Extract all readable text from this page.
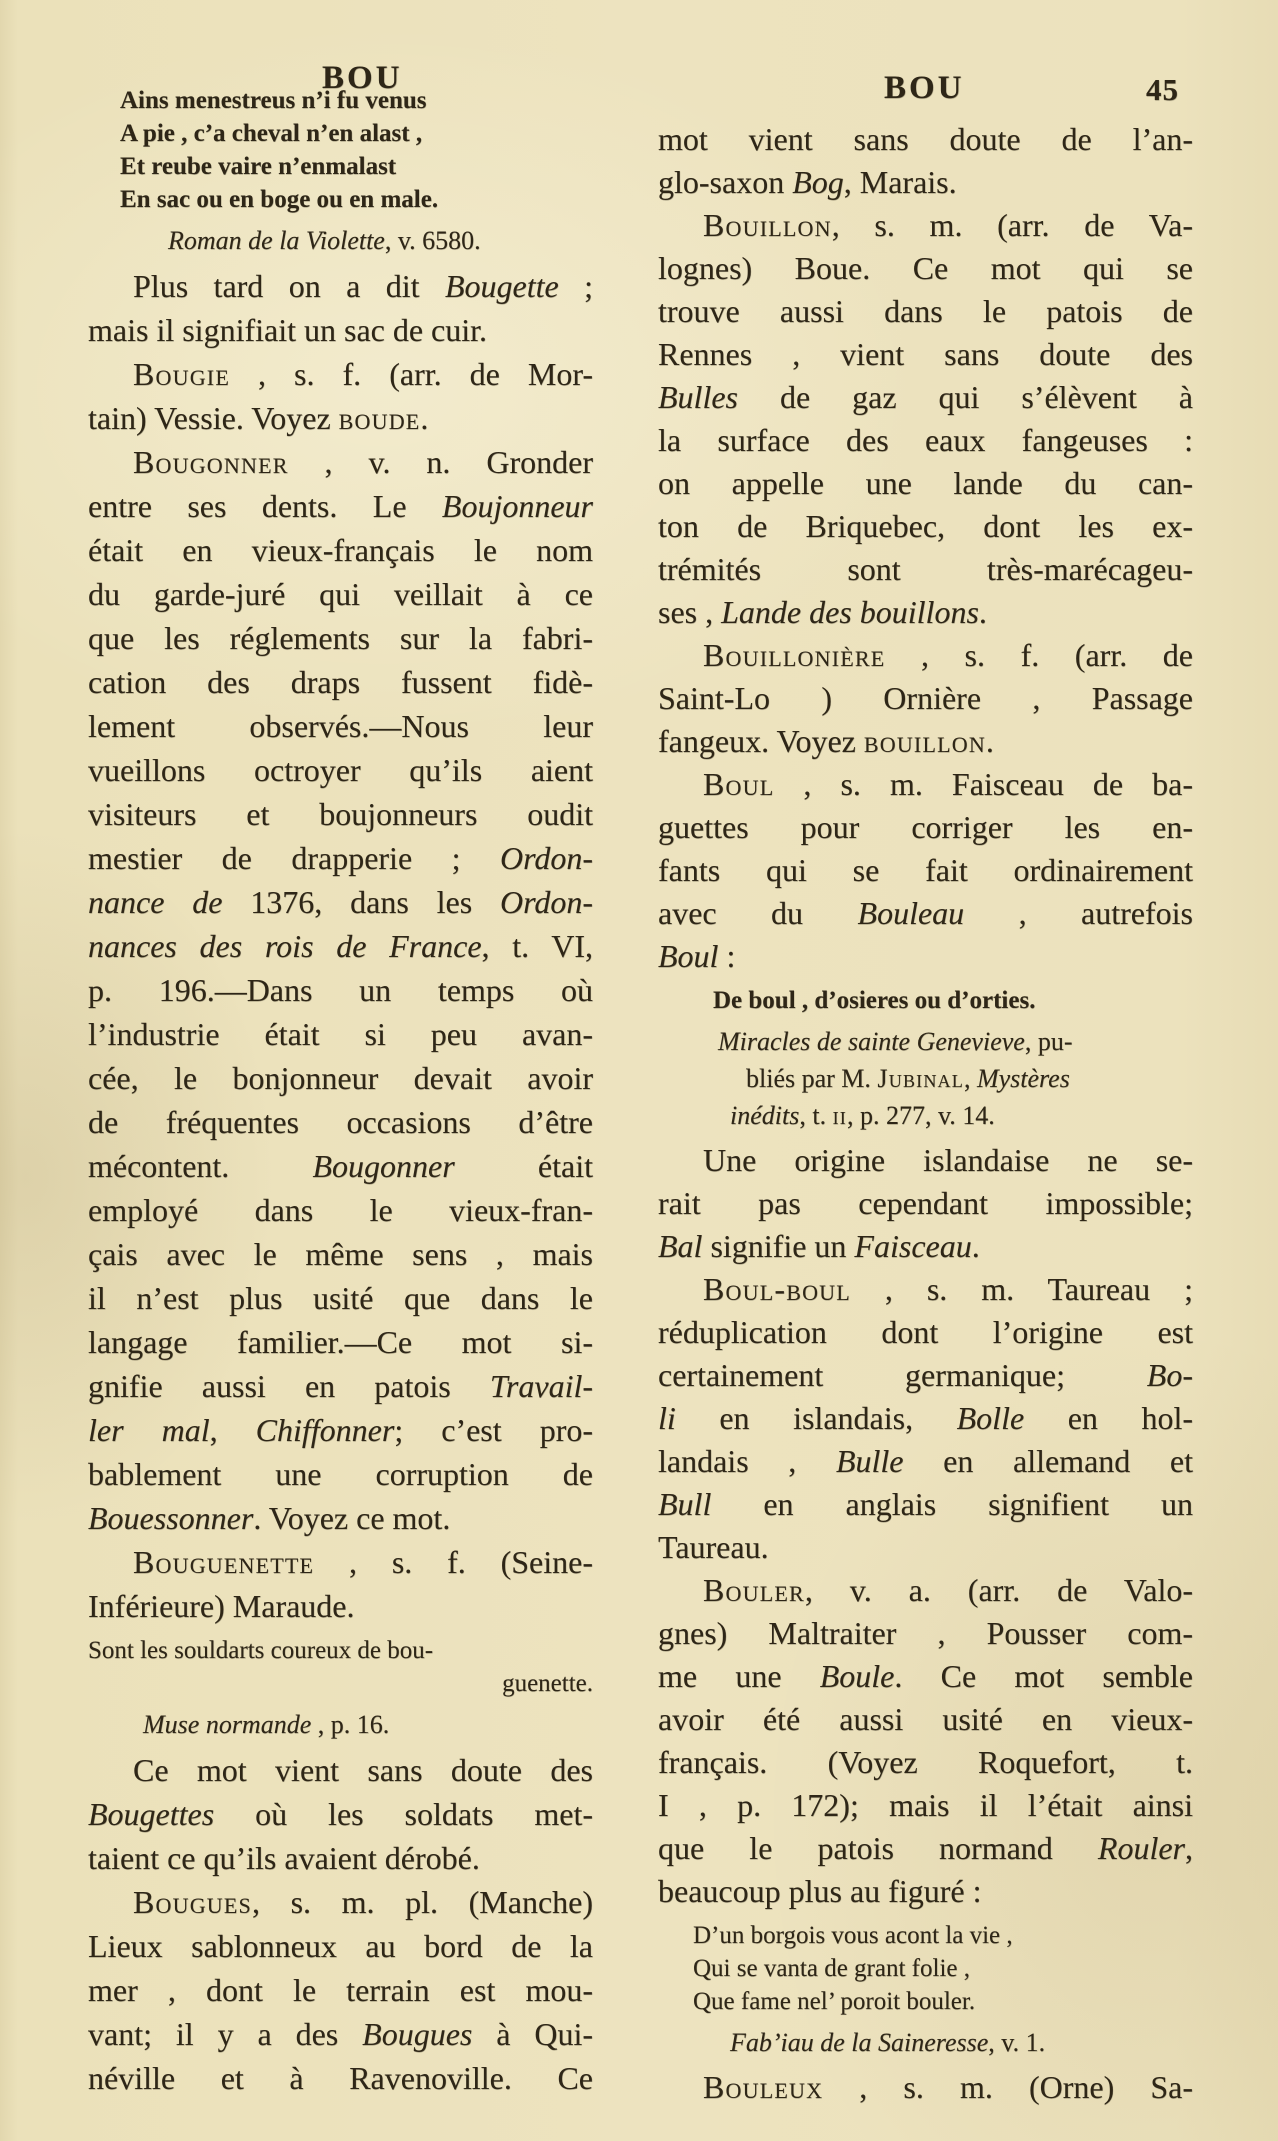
BOU	BOU	45
Ains menestreus n’i fu venus
A pie , c’a cheval n’en alast ,
Et reube vaire n’enmalast
En sac ou en boge ou en male.
Roman de la Violette, v. 6580.
Plus tard on a dit Bougette ;
mais il signifiait un sac de cuir.
Bougie , s. f. (arr. de Mor-
tain) Vessie. Voyez boude.
Bougonner , v. n. Gronder
entre ses dents. Le Boujonneur
était en vieux-français le nom
du garde-juré qui veillait à ce
que les réglements sur la fabri-
cation des draps fussent fidè-
lement observés.—Nous leur
vueillons octroyer qu’ils aient
visiteurs et boujonneurs oudit
mestier de drapperie ; Ordon-
nance de 1376, dans les Ordon-
nances des rois de France, t. VI,
p. 196.—Dans un temps où
l’industrie était si peu avan-
cée, le bonjonneur devait avoir
de fréquentes occasions d’être
mécontent. Bougonner était
employé dans le vieux-fran-
çais avec le même sens , mais
il n’est plus usité que dans le
langage familier.—Ce mot si-
gnifie aussi en patois Travail-
ler mal, Chiffonner; c’est pro-
bablement une corruption de
Bouessonner. Voyez ce mot.
Bouguenette , s. f. (Seine-
Inférieure) Maraude.
Sont les souldarts coureux de bou-
guenette.
Muse normande , p. 16.
Ce mot vient sans doute des
Bougettes où les soldats met-
taient ce qu’ils avaient dérobé.
Bougues, s. m. pl. (Manche)
Lieux sablonneux au bord de la
mer , dont le terrain est mou-
vant; il y a des Bougues à Qui-
néville et à Ravenoville. Ce
mot vient sans doute de l’an-
glo-saxon Bog, Marais.
Bouillon, s. m. (arr. de Va-
lognes) Boue. Ce mot qui se
trouve aussi dans le patois de
Rennes , vient sans doute des
Bulles de gaz qui s’élèvent à
la surface des eaux fangeuses :
on appelle une lande du can-
ton de Briquebec, dont les ex-
trémités sont très-marécageu-
ses , Lande des bouillons.
Bouillonière , s. f. (arr. de
Saint-Lo ) Ornière , Passage
fangeux. Voyez bouillon.
Boul , s. m. Faisceau de ba-
guettes pour corriger les en-
fants qui se fait ordinairement
avec du Bouleau , autrefois
Boul :
De boul , d’osieres ou d’orties.
Miracles de sainte Genevieve, pu-
bliés par M. Jubinal, Mystères
inédits, t. ii, p. 277, v. 14.
Une origine islandaise ne se-
rait pas cependant impossible;
Bal signifie un Faisceau.
Boul-boul , s. m. Taureau ;
réduplication dont l’origine est
certainement germanique; Bo-
li en islandais, Bolle en hol-
landais , Bulle en allemand et
Bull en anglais signifient un
Taureau.
Bouler, v. a. (arr. de Valo-
gnes) Maltraiter , Pousser com-
me une Boule. Ce mot semble
avoir été aussi usité en vieux-
français. (Voyez Roquefort, t.
I , p. 172); mais il l’était ainsi
que le patois normand Rouler,
beaucoup plus au figuré :
D’un borgois vous acont la vie ,
Qui se vanta de grant folie ,
Que fame nel’ poroit bouler.
Fab’iau de la Saineresse, v. 1.
Bouleux , s. m. (Orne) Sa-
